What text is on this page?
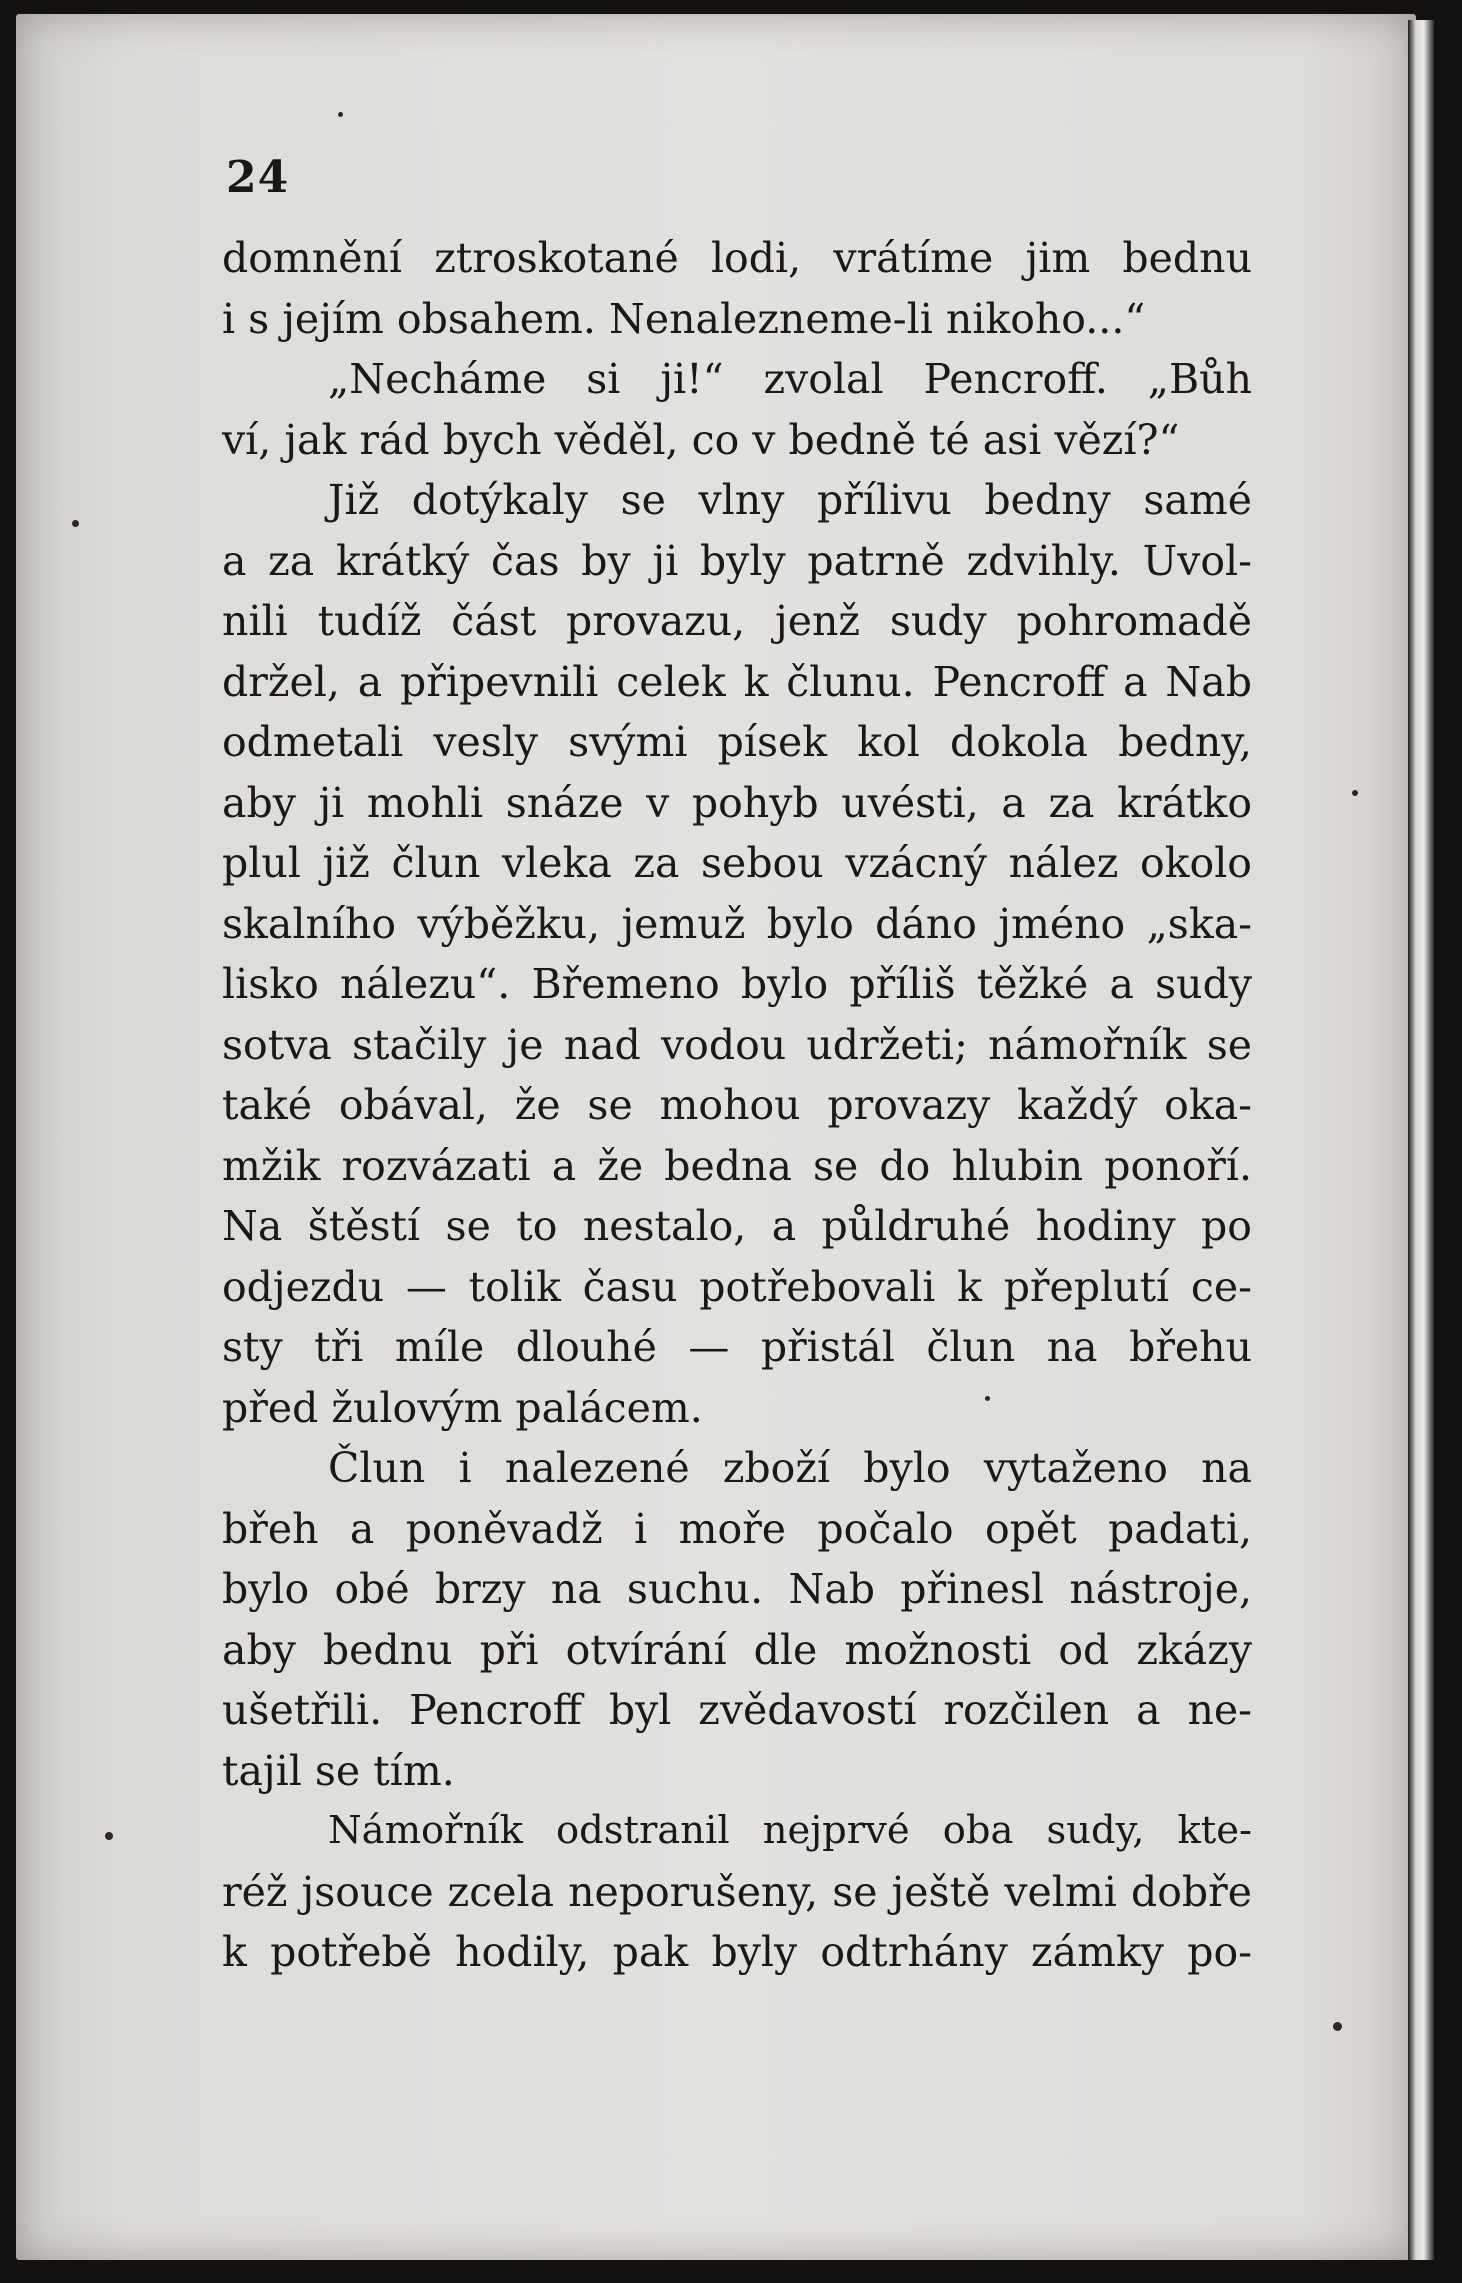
24
domnění ztroskotané lodi, vrátíme jim bednu
i s jejím obsahem. Nenalezneme-li nikoho...“
„Necháme si ji!“ zvolal Pencroff. „Bůh
ví, jak rád bych věděl, co v bedně té asi vězí?“
Již dotýkaly se vlny přílivu bedny samé
a za krátký čas by ji byly patrně zdvihly. Uvol-
nili tudíž část provazu, jenž sudy pohromadě
držel, a připevnili celek k člunu. Pencroff a Nab
odmetali vesly svými písek kol dokola bedny,
aby ji mohli snáze v pohyb uvésti, a za krátko
plul již člun vleka za sebou vzácný nález okolo
skalního výběžku, jemuž bylo dáno jméno „ska-
lisko nálezu“. Břemeno bylo příliš těžké a sudy
sotva stačily je nad vodou udržeti; námořník se
také obával, že se mohou provazy každý oka-
mžik rozvázati a že bedna se do hlubin ponoří.
Na štěstí se to nestalo, a půldruhé hodiny po
odjezdu — tolik času potřebovali k přeplutí ce-
sty tři míle dlouhé — přistál člun na břehu
před žulovým palácem.
Člun i nalezené zboží bylo vytaženo na
břeh a poněvadž i moře počalo opět padati,
bylo obé brzy na suchu. Nab přinesl nástroje,
aby bednu při otvírání dle možnosti od zkázy
ušetřili. Pencroff byl zvědavostí rozčilen a ne-
tajil se tím.
Námořník odstranil nejprvé oba sudy, kte-
réž jsouce zcela neporušeny, se ještě velmi dobře
k potřebě hodily, pak byly odtrhány zámky po-
